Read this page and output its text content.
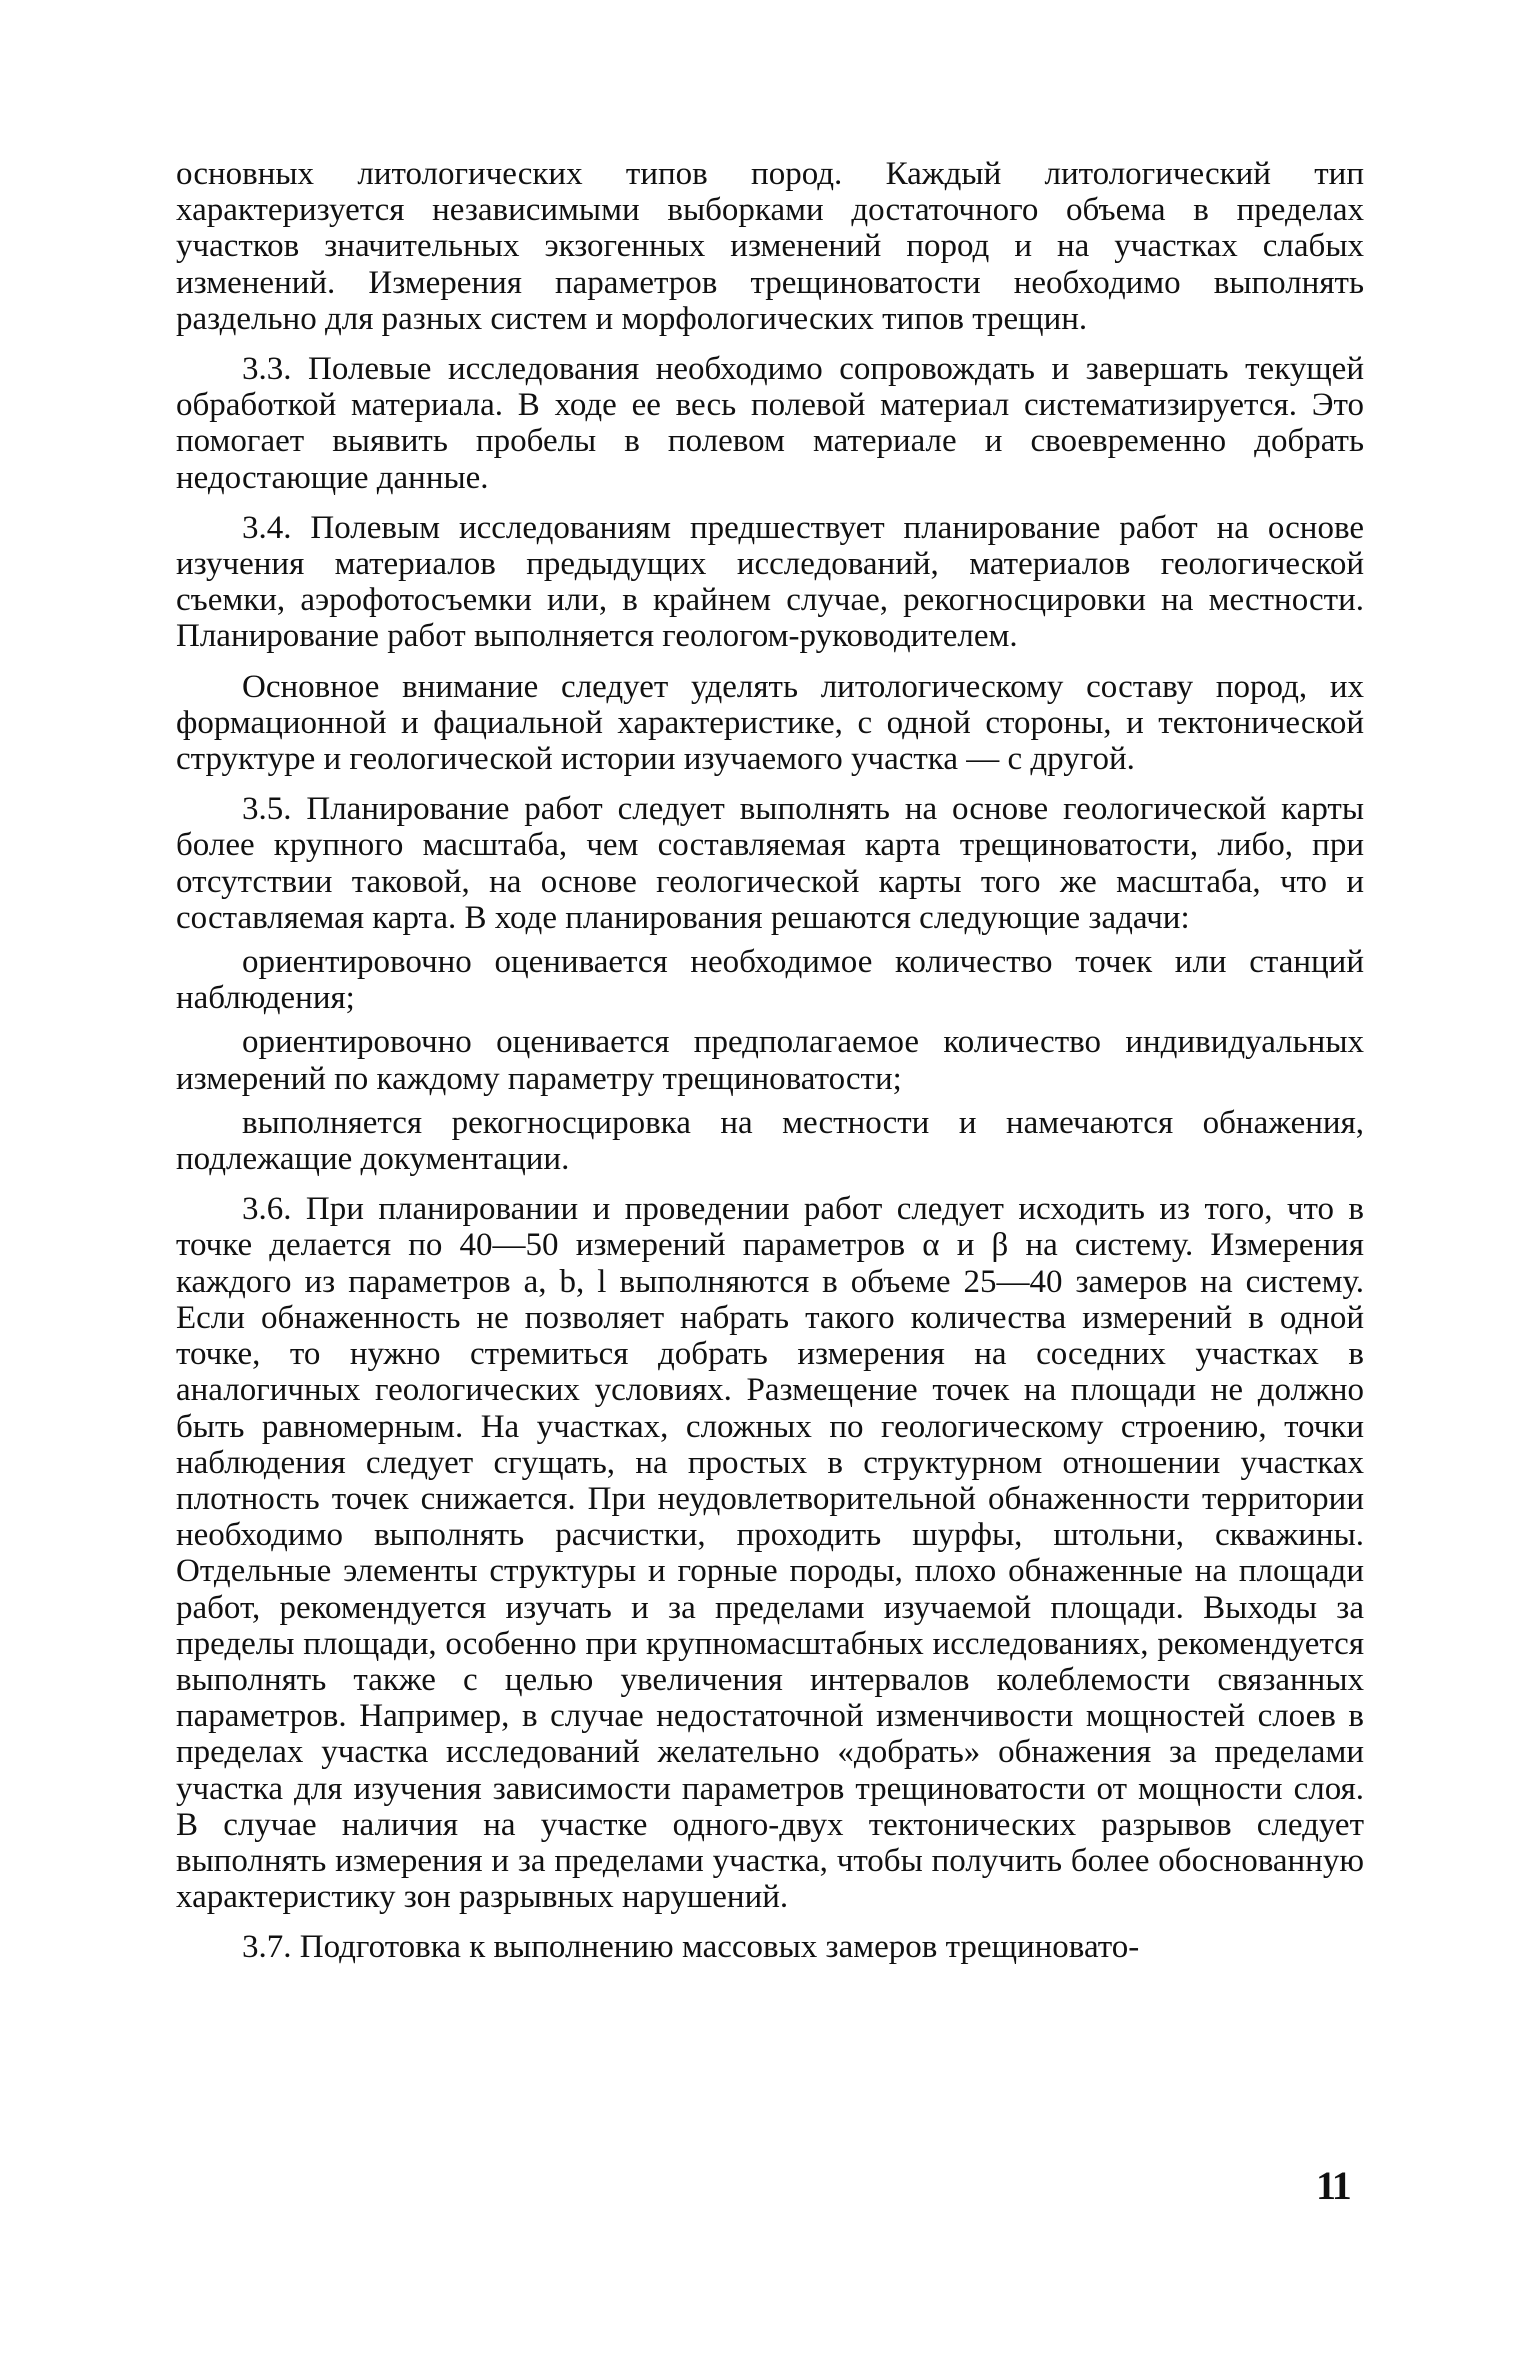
основных литологических типов пород. Каждый литологический тип характеризуется независимыми выборками достаточного объема в пределах участков значительных экзогенных изменений пород и на участках слабых изменений. Измерения параметров трещиноватости необходимо выполнять раздельно для разных систем и морфологических типов трещин.

3.3. Полевые исследования необходимо сопровождать и завершать текущей обработкой материала. В ходе ее весь полевой материал систематизируется. Это помогает выявить пробелы в полевом материале и своевременно добрать недостающие данные.

3.4. Полевым исследованиям предшествует планирование работ на основе изучения материалов предыдущих исследований, материалов геологической съемки, аэрофотосъемки или, в крайнем случае, рекогносцировки на местности. Планирование работ выполняется геологом-руководителем.

Основное внимание следует уделять литологическому составу пород, их формационной и фациальной характеристике, с одной стороны, и тектонической структуре и геологической истории изучаемого участка — с другой.

3.5. Планирование работ следует выполнять на основе геологической карты более крупного масштаба, чем составляемая карта трещиноватости, либо, при отсутствии таковой, на основе геологической карты того же масштаба, что и составляемая карта. В ходе планирования решаются следующие задачи:

ориентировочно оценивается необходимое количество точек или станций наблюдения;

ориентировочно оценивается предполагаемое количество индивидуальных измерений по каждому параметру трещиноватости;

выполняется рекогносцировка на местности и намечаются обнажения, подлежащие документации.

3.6. При планировании и проведении работ следует исходить из того, что в точке делается по 40—50 измерений параметров α и β на систему. Измерения каждого из параметров a, b, l выполняются в объеме 25—40 замеров на систему. Если обнаженность не позволяет набрать такого количества измерений в одной точке, то нужно стремиться добрать измерения на соседних участках в аналогичных геологических условиях. Размещение точек на площади не должно быть равномерным. На участках, сложных по геологическому строению, точки наблюдения следует сгущать, на простых в структурном отношении участках плотность точек снижается. При неудовлетворительной обнаженности территории необходимо выполнять расчистки, проходить шурфы, штольни, скважины. Отдельные элементы структуры и горные породы, плохо обнаженные на площади работ, рекомендуется изучать и за пределами изучаемой площади. Выходы за пределы площади, особенно при крупномасштабных исследованиях, рекомендуется выполнять также с целью увеличения интервалов колеблемости связанных параметров. Например, в случае недостаточной изменчивости мощностей слоев в пределах участка исследований желательно «добрать» обнажения за пределами участка для изучения зависимости параметров трещиноватости от мощности слоя. В случае наличия на участке одного-двух тектонических разрывов следует выполнять измерения и за пределами участка, чтобы получить более обоснованную характеристику зон разрывных нарушений.

3.7. Подготовка к выполнению массовых замеров трещиновато-

11
